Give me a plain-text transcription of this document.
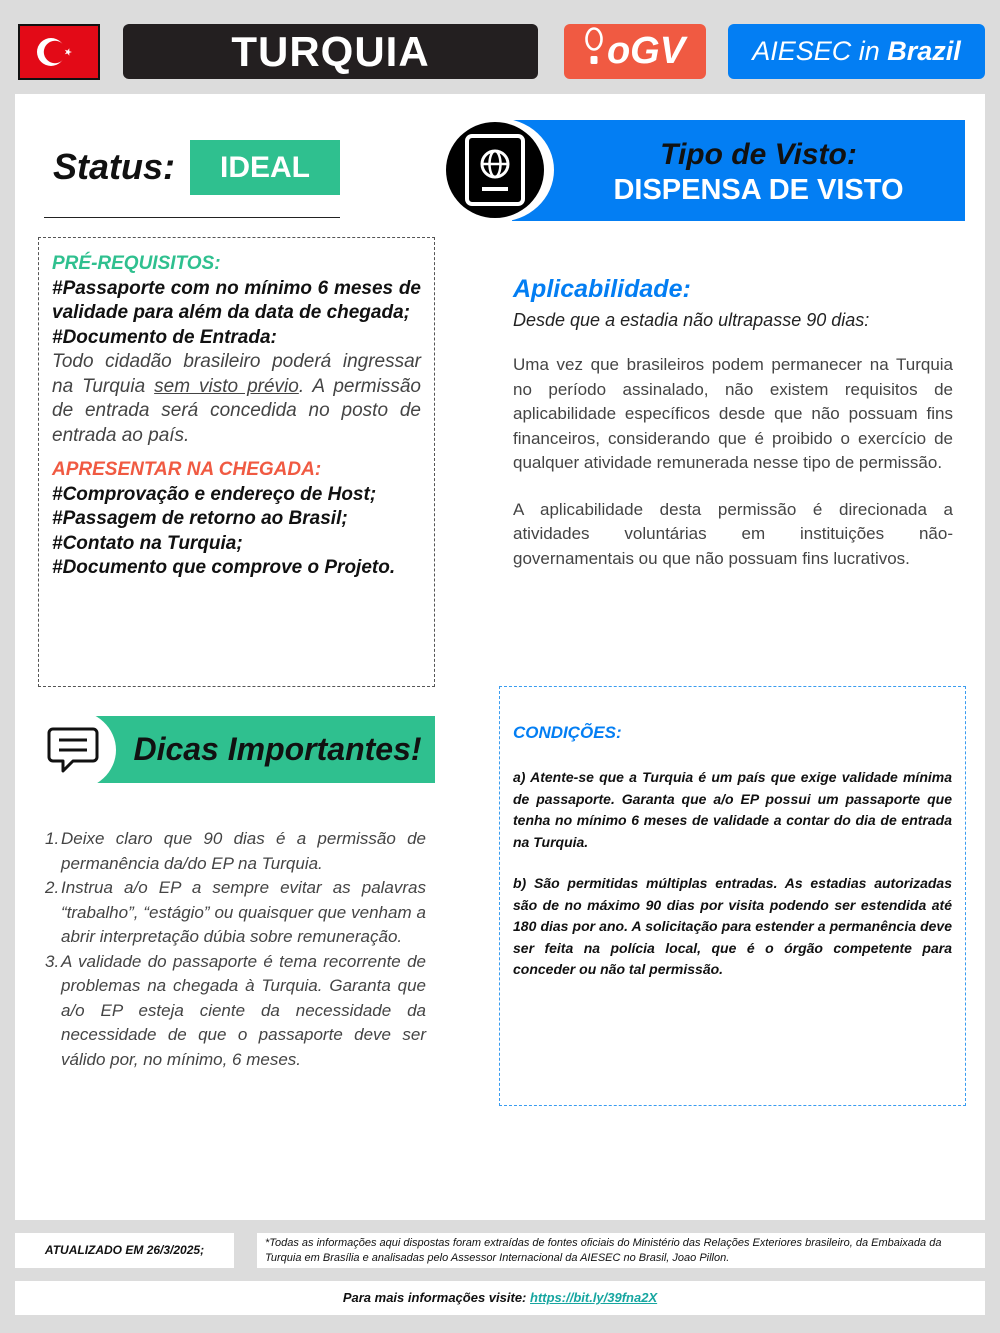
TURQUIA	oGV	AIESEC in Brazil
Status:	IDEAL	Tipo de Visto:
DISPENSA DE VISTO
PRÉ-REQUISITOS:
#Passaporte com no mínimo 6 meses de validade para além da data de chegada;
#Documento de Entrada:
Todo cidadão brasileiro poderá ingressar na Turquia sem visto prévio. A permissão de entrada será concedida no posto de entrada ao país.
APRESENTAR NA CHEGADA:
#Comprovação e endereço de Host;
#Passagem de retorno ao Brasil;
#Contato na Turquia;
#Documento que comprove o Projeto.
Aplicabilidade:
Desde que a estadia não ultrapasse 90 dias:

Uma vez que brasileiros podem permanecer na Turquia no período assinalado, não existem requisitos de aplicabilidade específicos desde que não possuam fins financeiros, considerando que é proibido o exercício de qualquer atividade remunerada nesse tipo de permissão.

A aplicabilidade desta permissão é direcionada a atividades voluntárias em instituições não-governamentais ou que não possuam fins lucrativos.

Dicas Importantes!
1. Deixe claro que 90 dias é a permissão de permanência da/do EP na Turquia.
2. Instrua a/o EP a sempre evitar as palavras “trabalho”, “estágio” ou quaisquer que venham a abrir interpretação dúbia sobre remuneração.
3. A validade do passaporte é tema recorrente de problemas na chegada à Turquia. Garanta que a/o EP esteja ciente da necessidade da necessidade de que o passaporte deve ser válido por, no mínimo, 6 meses.
CONDIÇÕES:

a) Atente-se que a Turquia é um país que exige validade mínima de passaporte. Garanta que a/o EP possui um passaporte que tenha no mínimo 6 meses de validade a contar do dia de entrada na Turquia.

b) São permitidas múltiplas entradas. As estadias autorizadas são de no máximo 90 dias por visita podendo ser estendida até 180 dias por ano. A solicitação para estender a permanência deve ser feita na polícia local, que é o órgão competente para conceder ou não tal permissão.

ATUALIZADO EM 26/3/2025;	*Todas as informações aqui dispostas foram extraídas de fontes oficiais do Ministério das Relações Exteriores brasileiro, da Embaixada da Turquia em Brasília e analisadas pelo Assessor Internacional da AIESEC no Brasil, Joao Pillon.
Para mais informações visite: https://bit.ly/39fna2X
